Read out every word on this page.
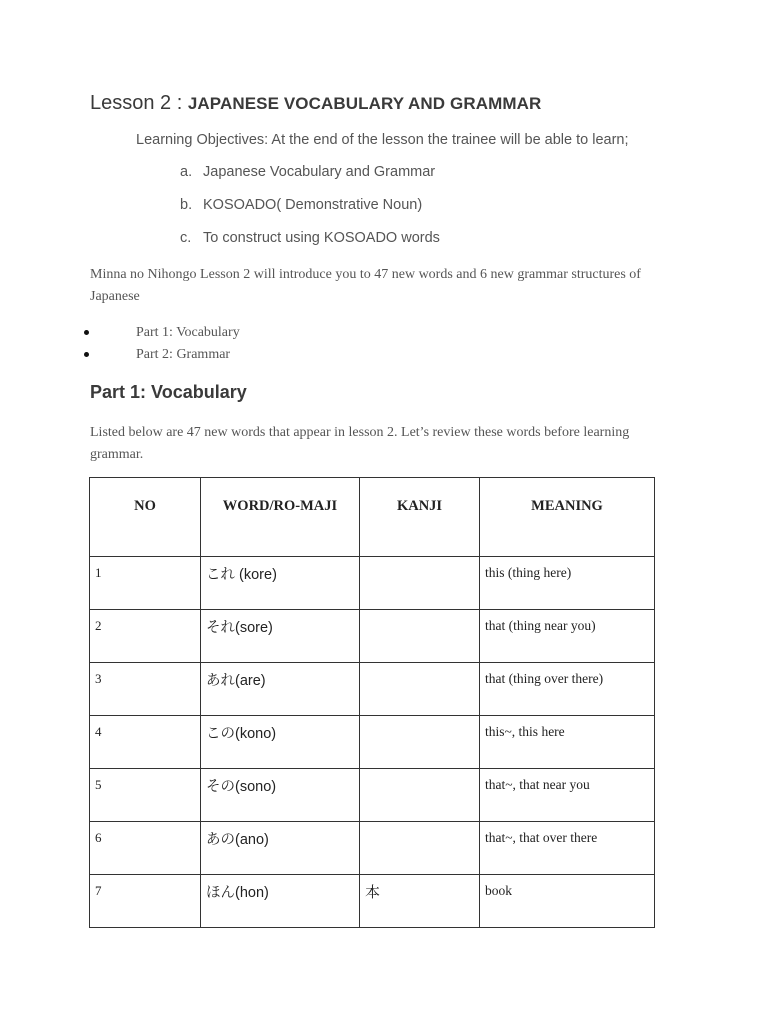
Lesson 2 : JAPANESE VOCABULARY AND GRAMMAR
Learning Objectives: At the end of the lesson the trainee will be able to learn;
a. Japanese Vocabulary and Grammar
b. KOSOADO( Demonstrative Noun)
c. To construct using KOSOADO words

Minna no Nihongo Lesson 2 will introduce you to 47 new words and 6 new grammar structures of Japanese

Part 1: Vocabulary
Part 2: Grammar
Part 1: Vocabulary

Listed below are 47 new words that appear in lesson 2. Let’s review these words before learning grammar.

NO	WORD/RO-MAJI	KANJI	MEANING
1	これ (kore)		this (thing here)
2	それ(sore)		that (thing near you)
3	あれ(are)		that (thing over there)
4	この(kono)		this~, this here
5	その(sono)		that~, that near you
6	あの(ano)		that~, that over there
7	ほん(hon)	本	book
